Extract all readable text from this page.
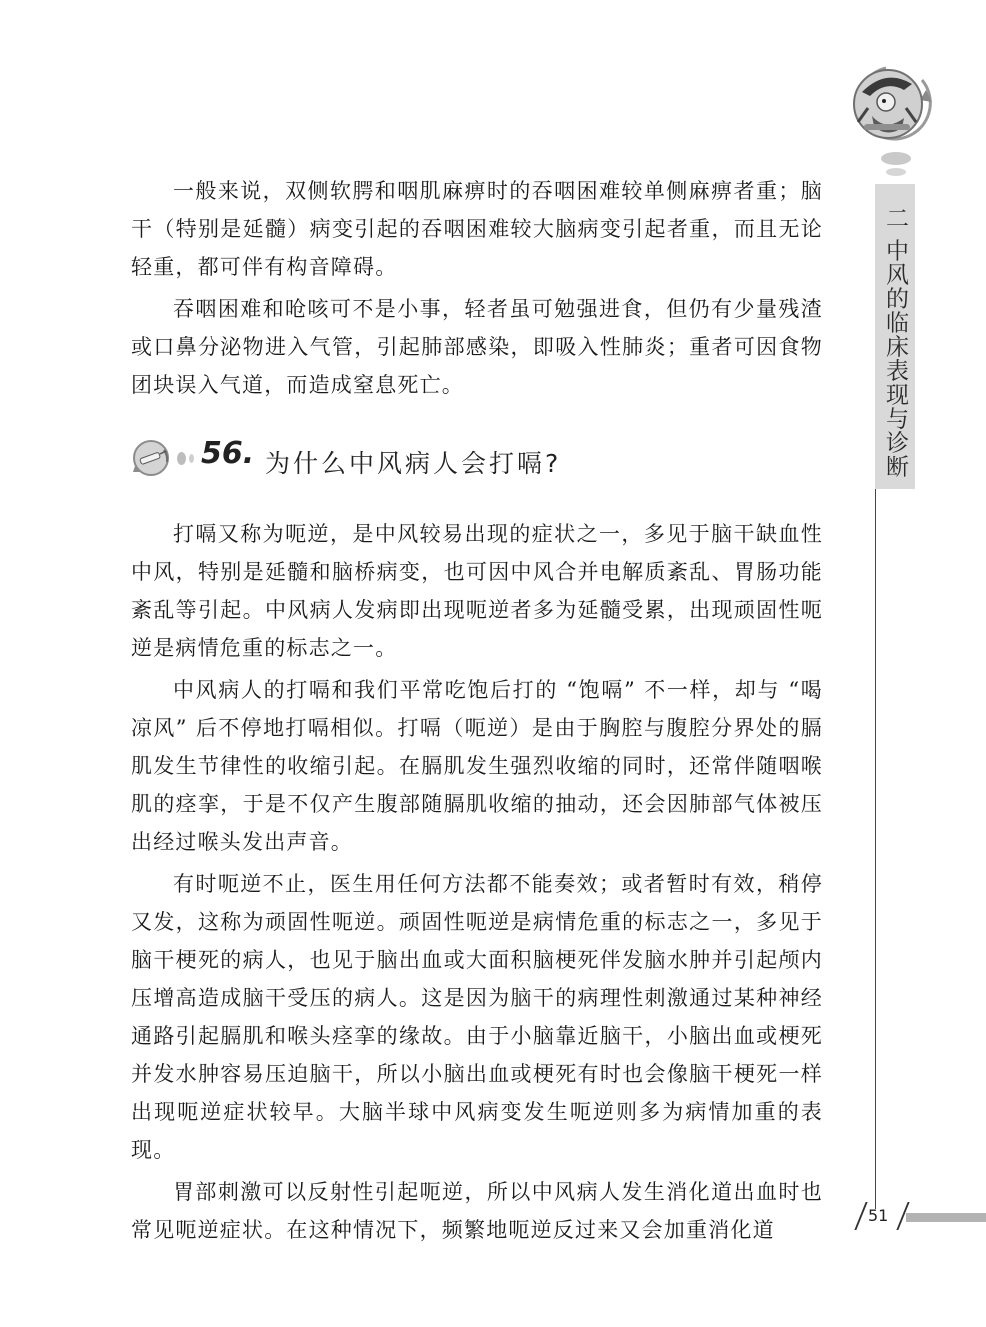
二 中风的临床表现与诊断

一般来说，双侧软腭和咽肌麻痹时的吞咽困难较单侧麻痹者重；脑干（特别是延髓）病变引起的吞咽困难较大脑病变引起者重，而且无论轻重，都可伴有构音障碍。

吞咽困难和呛咳可不是小事，轻者虽可勉强进食，但仍有少量残渣或口鼻分泌物进入气管，引起肺部感染，即吸入性肺炎；重者可因食物团块误入气道，而造成窒息死亡。

56. 为什么中风病人会打嗝?

打嗝又称为呃逆，是中风较易出现的症状之一，多见于脑干缺血性中风，特别是延髓和脑桥病变，也可因中风合并电解质紊乱、胃肠功能紊乱等引起。中风病人发病即出现呃逆者多为延髓受累，出现顽固性呃逆是病情危重的标志之一。

中风病人的打嗝和我们平常吃饱后打的 “饱嗝” 不一样，却与 “喝凉风” 后不停地打嗝相似。打嗝（呃逆）是由于胸腔与腹腔分界处的膈肌发生节律性的收缩引起。在膈肌发生强烈收缩的同时，还常伴随咽喉肌的痉挛，于是不仅产生腹部随膈肌收缩的抽动，还会因肺部气体被压出经过喉头发出声音。

有时呃逆不止，医生用任何方法都不能奏效；或者暂时有效，稍停又发，这称为顽固性呃逆。顽固性呃逆是病情危重的标志之一，多见于脑干梗死的病人，也见于脑出血或大面积脑梗死伴发脑水肿并引起颅内压增高造成脑干受压的病人。这是因为脑干的病理性刺激通过某种神经通路引起膈肌和喉头痉挛的缘故。由于小脑靠近脑干，小脑出血或梗死并发水肿容易压迫脑干，所以小脑出血或梗死有时也会像脑干梗死一样出现呃逆症状较早。大脑半球中风病变发生呃逆则多为病情加重的表现。

胃部刺激可以反射性引起呃逆，所以中风病人发生消化道出血时也常见呃逆症状。在这种情况下，频繁地呃逆反过来又会加重消化道

51
